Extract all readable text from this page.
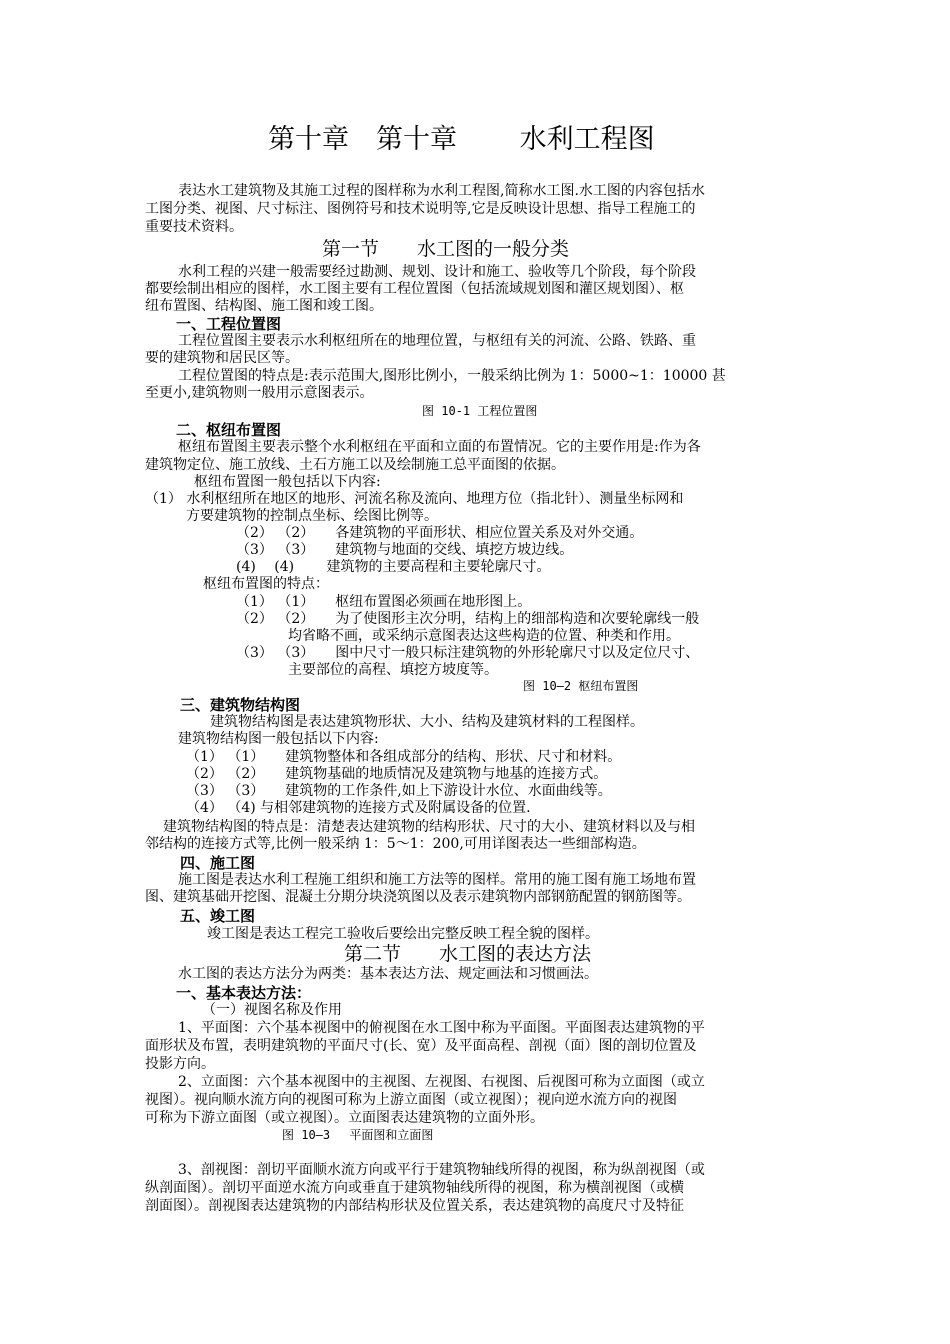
第十章　第十章　　 水利工程图
表达水工建筑物及其施工过程的图样称为水利工程图,简称水工图.水工图的内容包括水
工图分类、视图、尺寸标注、图例符号和技术说明等,它是反映设计思想、指导工程施工的
重要技术资料。
第一节　　水工图的一般分类
水利工程的兴建一般需要经过勘测、规划、设计和施工、验收等几个阶段，每个阶段
都要绘制出相应的图样，水工图主要有工程位置图（包括流域规划图和灌区规划图）、枢
纽布置图、结构图、施工图和竣工图。
一、工程位置图
工程位置图主要表示水利枢纽所在的地理位置，与枢纽有关的河流、公路、铁路、重
要的建筑物和居民区等。
工程位置图的特点是:表示范围大,图形比例小，一般采纳比例为 1：5000~1：10000 甚
至更小,建筑物则一般用示意图表示。
图 10-1 工程位置图
二、枢纽布置图
枢纽布置图主要表示整个水利枢纽在平面和立面的布置情况。它的主要作用是:作为各
建筑物定位、施工放线、土石方施工以及绘制施工总平面图的依据。
枢纽布置图一般包括以下内容:
（1） 水利枢纽所在地区的地形、河流名称及流向、地理方位（指北针）、测量坐标网和
方要建筑物的控制点坐标、绘图比例等。
（2） （2）　　各建筑物的平面形状、相应位置关系及对外交通。
（3） （3）　　建筑物与地面的交线、填挖方坡边线。
(4)　 (4)　　 建筑物的主要高程和主要轮廓尺寸。
枢纽布置图的特点：
（1） （1）　　枢纽布置图必须画在地形图上。
（2） （2）　　为了使图形主次分明，结构上的细部构造和次要轮廓线一般
均省略不画，或采纳示意图表达这些构造的位置、种类和作用。
（3） （3）　　图中尺寸一般只标注建筑物的外形轮廓尺寸以及定位尺寸、
主要部位的高程、填挖方坡度等。
图 10—2 枢纽布置图
三、建筑物结构图
建筑物结构图是表达建筑物形状、大小、结构及建筑材料的工程图样。
建筑物结构图一般包括以下内容:
（1） （1）　　建筑物整体和各组成部分的结构、形状、尺寸和材料。
（2） （2）　　建筑物基础的地质情况及建筑物与地基的连接方式。
（3） （3）　　建筑物的工作条件,如上下游设计水位、水面曲线等。
（4） （4) 与相邻建筑物的连接方式及附属设备的位置.
建筑物结构图的特点是：清楚表达建筑物的结构形状、尺寸的大小、建筑材料以及与相
邻结构的连接方式等,比例一般采纳 1：5～1：200,可用详图表达一些细部构造。
四、施工图
施工图是表达水利工程施工组织和施工方法等的图样。常用的施工图有施工场地布置
图、建筑基础开挖图、混凝土分期分块浇筑图以及表示建筑物内部钢筋配置的钢筋图等。
五、竣工图
竣工图是表达工程完工验收后要绘出完整反映工程全貌的图样。
第二节　　水工图的表达方法
水工图的表达方法分为两类：基本表达方法、规定画法和习惯画法。
一、基本表达方法：
（一）视图名称及作用
1、平面图：六个基本视图中的俯视图在水工图中称为平面图。平面图表达建筑物的平
面形状及布置，表明建筑物的平面尺寸(长、宽）及平面高程、剖视（面）图的剖切位置及
投影方向。
2、立面图：六个基本视图中的主视图、左视图、右视图、后视图可称为立面图（或立
视图）。视向顺水流方向的视图可称为上游立面图（或立视图）；视向逆水流方向的视图
可称为下游立面图（或立视图）。立面图表达建筑物的立面外形。
图 10—3　 平面图和立面图
3、剖视图：剖切平面顺水流方向或平行于建筑物轴线所得的视图，称为纵剖视图（或
纵剖面图）。剖切平面逆水流方向或垂直于建筑物轴线所得的视图，称为横剖视图（或横
剖面图）。剖视图表达建筑物的内部结构形状及位置关系，表达建筑物的高度尺寸及特征
